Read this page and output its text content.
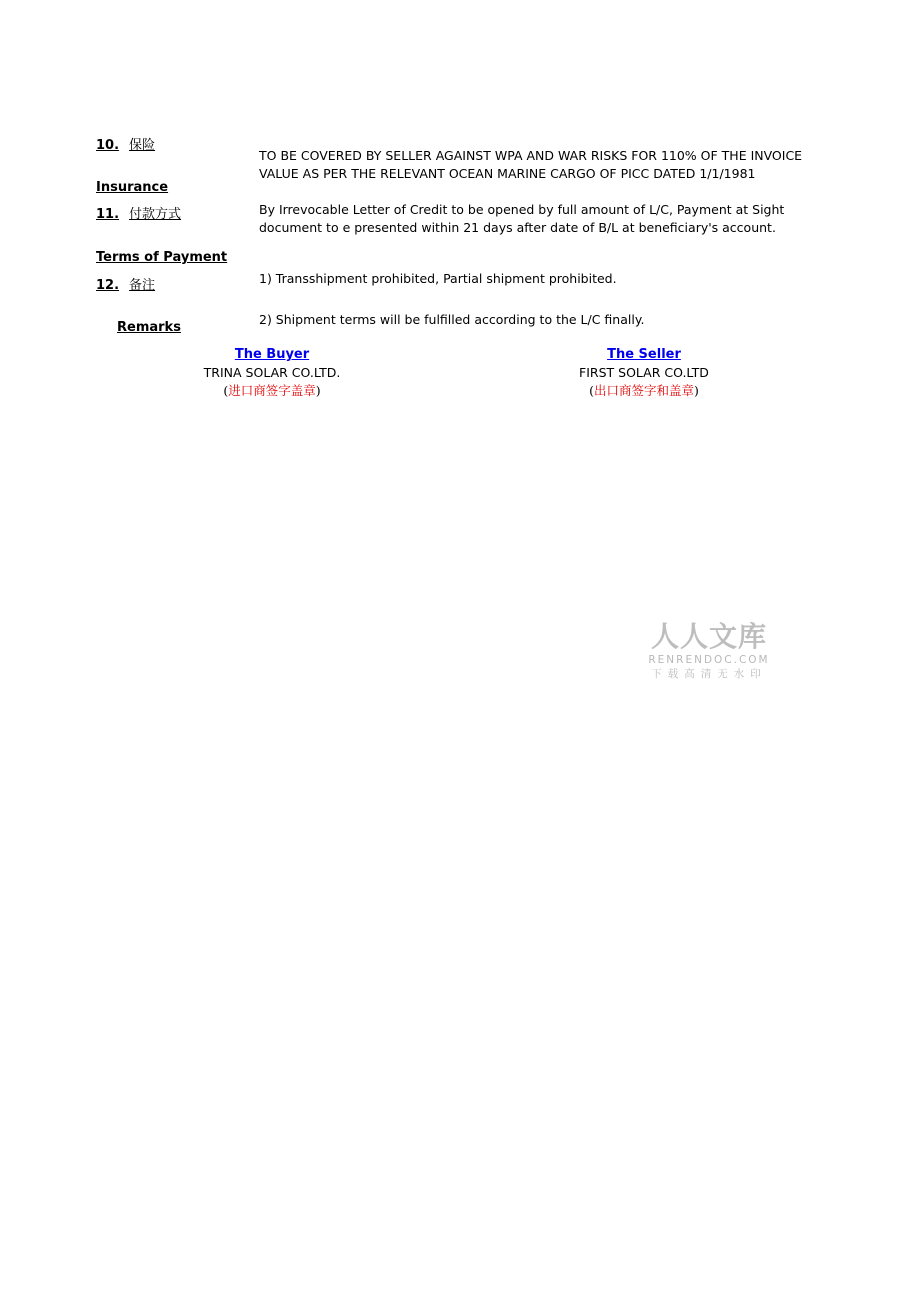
10. 保险
TO BE COVERED BY SELLER AGAINST WPA AND WAR RISKS FOR 110% OF THE INVOICE
VALUE AS PER THE RELEVANT OCEAN MARINE CARGO OF PICC DATED 1/1/1981
Insurance
11. 付款方式	By Irrevocable Letter of Credit to be opened by full amount of L/C, Payment at Sight
document to e presented within 21 days after date of B/L at beneficiary's account.
Terms of Payment
12. 备注	1) Transshipment prohibited, Partial shipment prohibited.
2) Shipment terms will be fulfilled according to the L/C finally.
Remarks
The Buyer
TRINA SOLAR CO.LTD.
(进口商签字盖章)
The Seller
FIRST SOLAR CO.LTD
(出口商签字和盖章)
人人文库
RENRENDOC.COM
下载高清无水印
